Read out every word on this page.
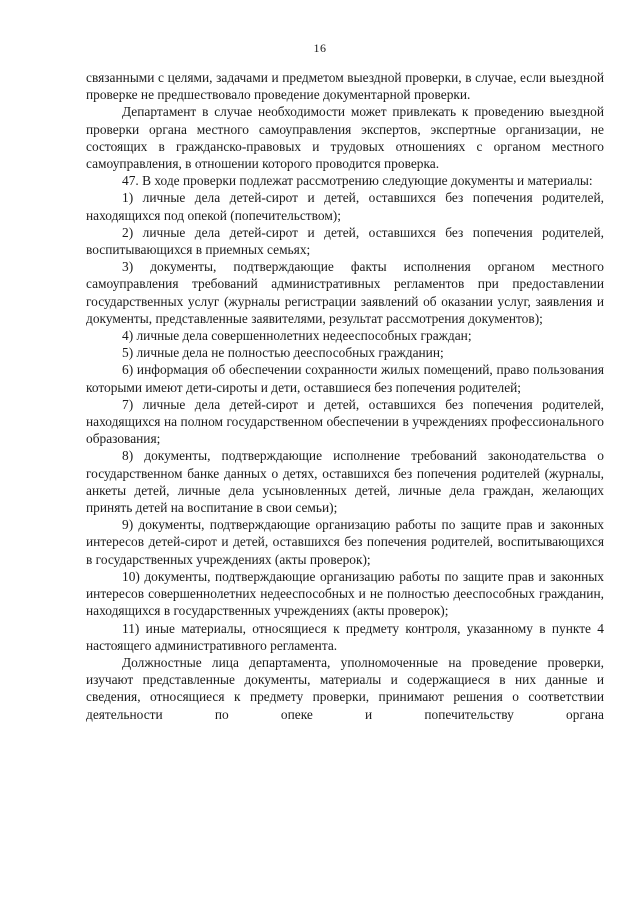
16

связанными с целями, задачами и предметом выездной проверки, в случае, если выездной проверке не предшествовало проведение документарной проверки.

Департамент в случае необходимости может привлекать к проведению выездной проверки органа местного самоуправления экспертов, экспертные организации, не состоящих в гражданско-правовых и трудовых отношениях с органом местного самоуправления, в отношении которого проводится проверка.

47. В ходе проверки подлежат рассмотрению следующие документы и материалы:

1) личные дела детей-сирот и детей, оставшихся без попечения родителей, находящихся под опекой (попечительством);

2) личные дела детей-сирот и детей, оставшихся без попечения родителей, воспитывающихся в приемных семьях;

3) документы, подтверждающие факты исполнения органом местного самоуправления требований административных регламентов при предоставлении государственных услуг (журналы регистрации заявлений об оказании услуг, заявления и документы, представленные заявителями, результат рассмотрения документов);

4) личные дела совершеннолетних недееспособных граждан;

5) личные дела не полностью дееспособных гражданин;

6) информация об обеспечении сохранности жилых помещений, право пользования которыми имеют дети-сироты и дети, оставшиеся без попечения родителей;

7) личные дела детей-сирот и детей, оставшихся без попечения родителей, находящихся на полном государственном обеспечении в учреждениях профессионального образования;

8) документы, подтверждающие исполнение требований законодательства о государственном банке данных о детях, оставшихся без попечения родителей (журналы, анкеты детей, личные дела усыновленных детей, личные дела граждан, желающих принять детей на воспитание в свои семьи);

9) документы, подтверждающие организацию работы по защите прав и законных интересов детей-сирот и детей, оставшихся без попечения родителей, воспитывающихся в государственных учреждениях (акты проверок);

10) документы, подтверждающие организацию работы по защите прав и законных интересов совершеннолетних недееспособных и не полностью дееспособных гражданин, находящихся в государственных учреждениях (акты проверок);

11) иные материалы, относящиеся к предмету контроля, указанному в пункте 4 настоящего административного регламента.

Должностные лица департамента, уполномоченные на проведение проверки, изучают представленные документы, материалы и содержащиеся в них данные и сведения, относящиеся к предмету проверки, принимают решения о соответствии деятельности по опеке и попечительству органа
